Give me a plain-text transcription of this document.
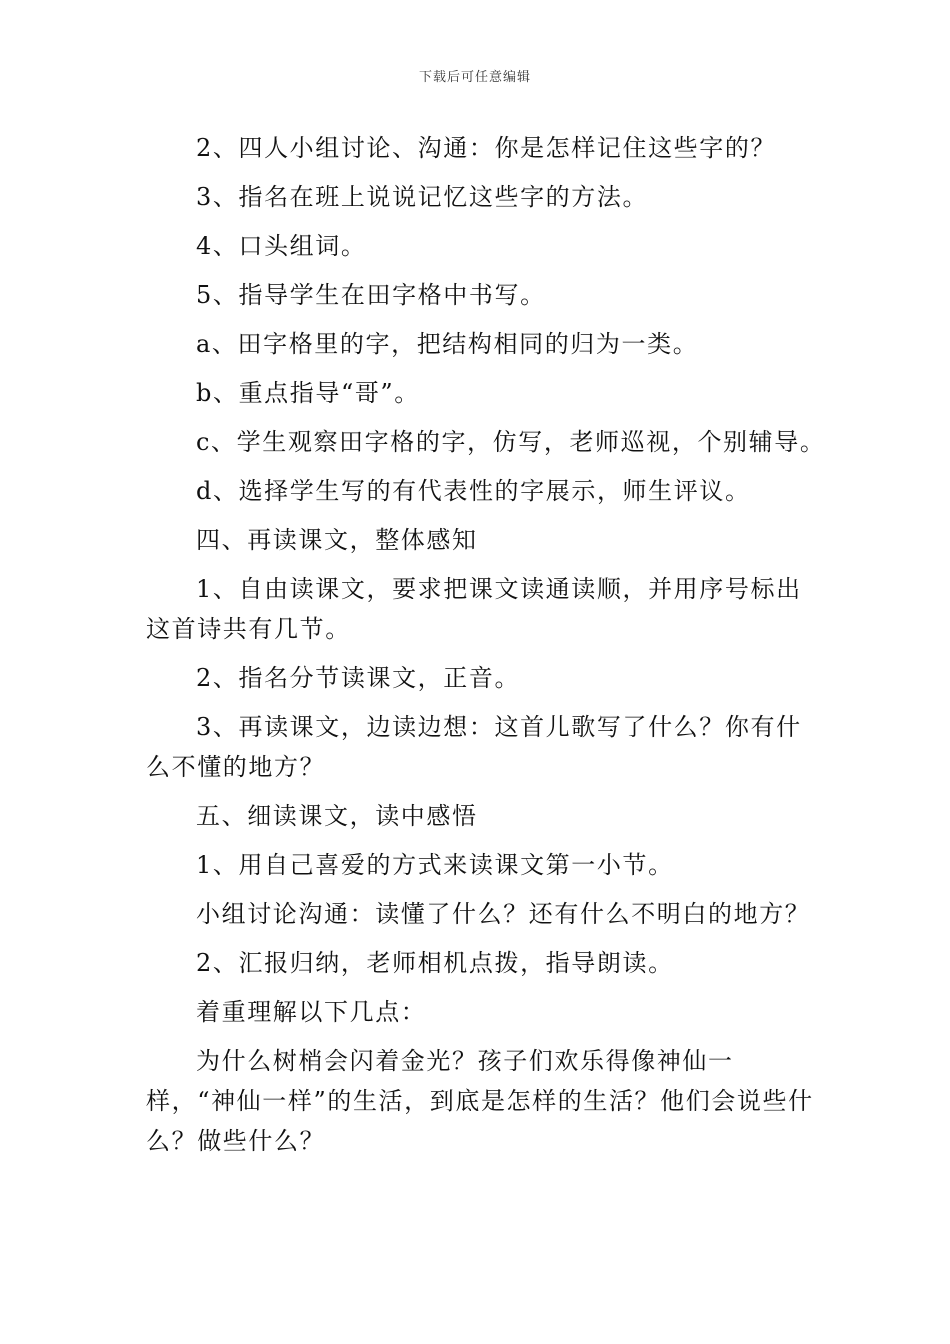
下载后可任意编辑

2、四人小组讨论、沟通：你是怎样记住这些字的？

3、指名在班上说说记忆这些字的方法。

4、口头组词。

5、指导学生在田字格中书写。

a、田字格里的字，把结构相同的归为一类。

b、重点指导“哥”。

c、学生观察田字格的字，仿写，老师巡视，个别辅导。

d、选择学生写的有代表性的字展示，师生评议。

四、再读课文，整体感知

1、自由读课文，要求把课文读通读顺，并用序号标出这首诗共有几节。

2、指名分节读课文，正音。

3、再读课文，边读边想：这首儿歌写了什么？你有什么不懂的地方？

五、细读课文，读中感悟

1、用自己喜爱的方式来读课文第一小节。

小组讨论沟通：读懂了什么？还有什么不明白的地方？

2、汇报归纳，老师相机点拨，指导朗读。

着重理解以下几点：

为什么树梢会闪着金光？孩子们欢乐得像神仙一样，“神仙一样”的生活，到底是怎样的生活？他们会说些什么？做些什么？
